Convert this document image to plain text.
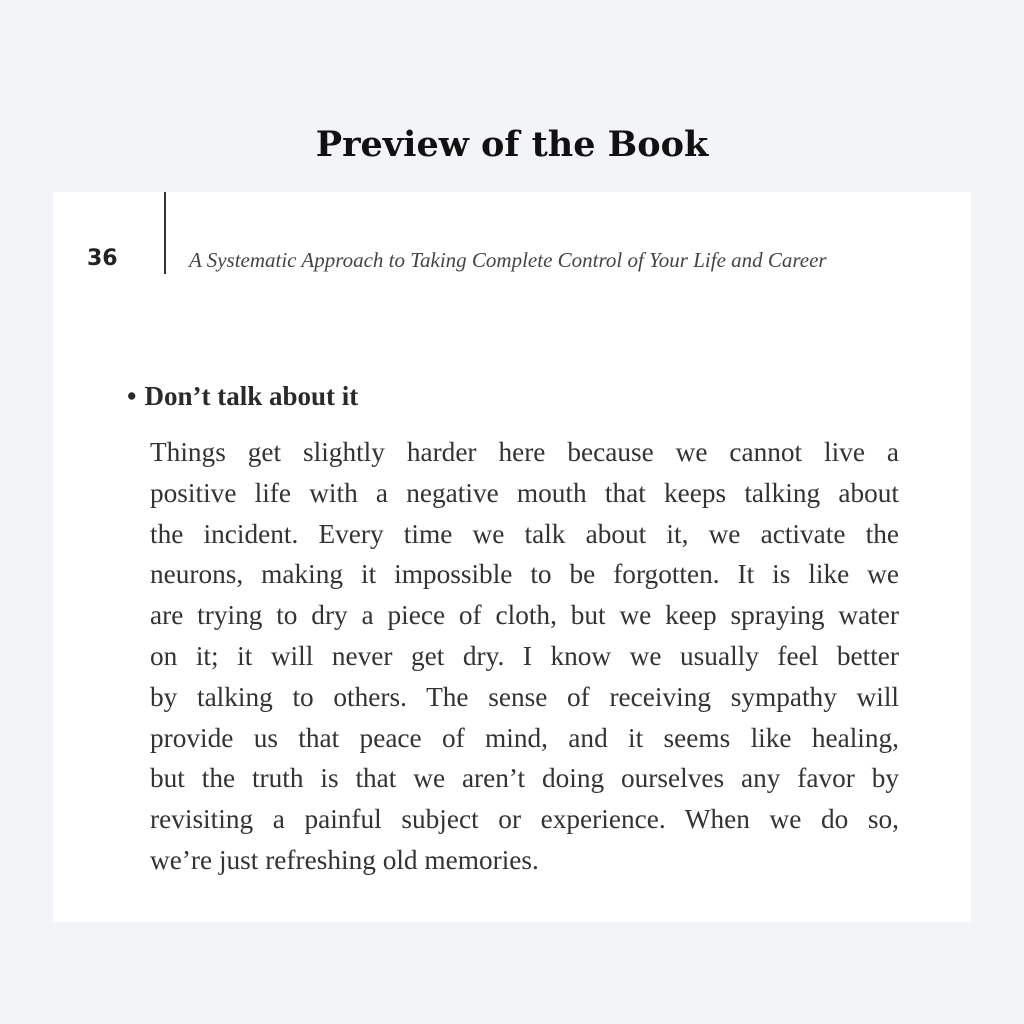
Preview of the Book
36	A Systematic Approach to Taking Complete Control of Your Life and Career
• Don’t talk about it

Things get slightly harder here because we cannot live a
positive life with a negative mouth that keeps talking about
the incident. Every time we talk about it, we activate the
neurons, making it impossible to be forgotten. It is like we
are trying to dry a piece of cloth, but we keep spraying water
on it; it will never get dry. I know we usually feel better
by talking to others. The sense of receiving sympathy will
provide us that peace of mind, and it seems like healing,
but the truth is that we aren’t doing ourselves any favor by
revisiting a painful subject or experience. When we do so,
we’re just refreshing old memories.
